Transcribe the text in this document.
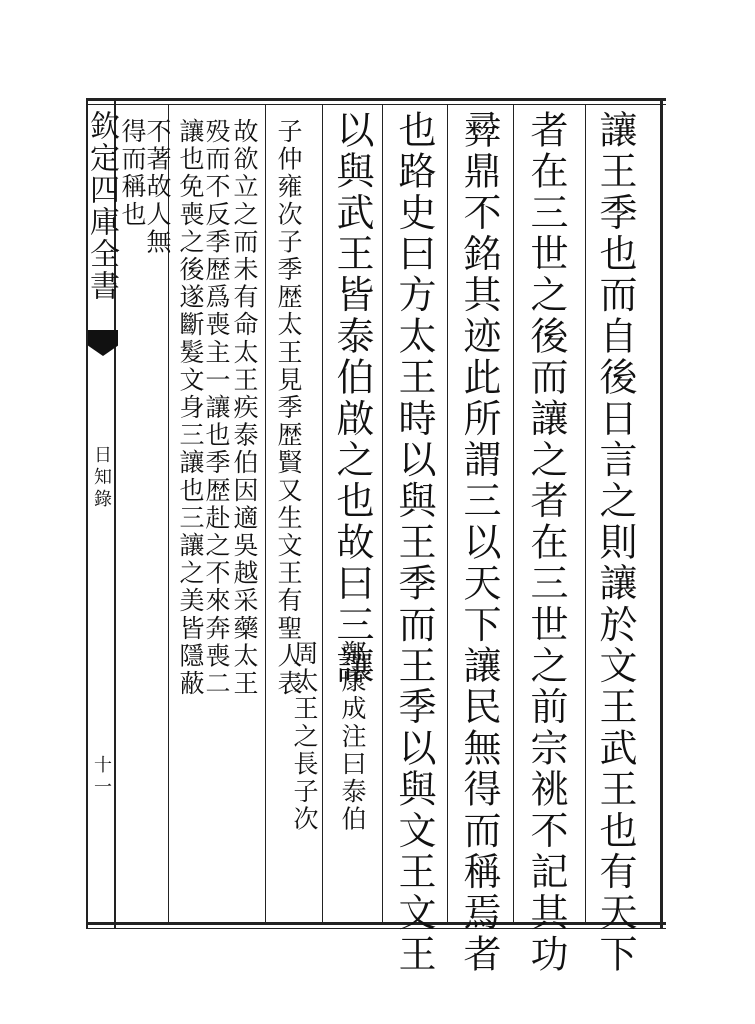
欽定四庫全書
日知錄
十一	讓王季也而自後日言之則讓於文王武王也有天下
者在三世之後而讓之者在三世之前宗祧不記其功
彛鼎不銘其迹此所謂三以天下讓民無得而稱焉者
也路史曰方太王時以與王季而王季以與文王文王
以與武王皆泰伯啟之也故曰三讓
鄭康成注曰泰伯
周太王之長子次
子仲雍次子季歴太王見季歴賢又生文王有聖人表
故欲立之而未有命太王疾泰伯因適吳越采藥太王
殁而不反季歴爲喪主一讓也季歴赴之不來奔喪二
讓也免喪之後遂斷髮文身三讓也三讓之美皆隱蔽
不著故人無
得而稱也
